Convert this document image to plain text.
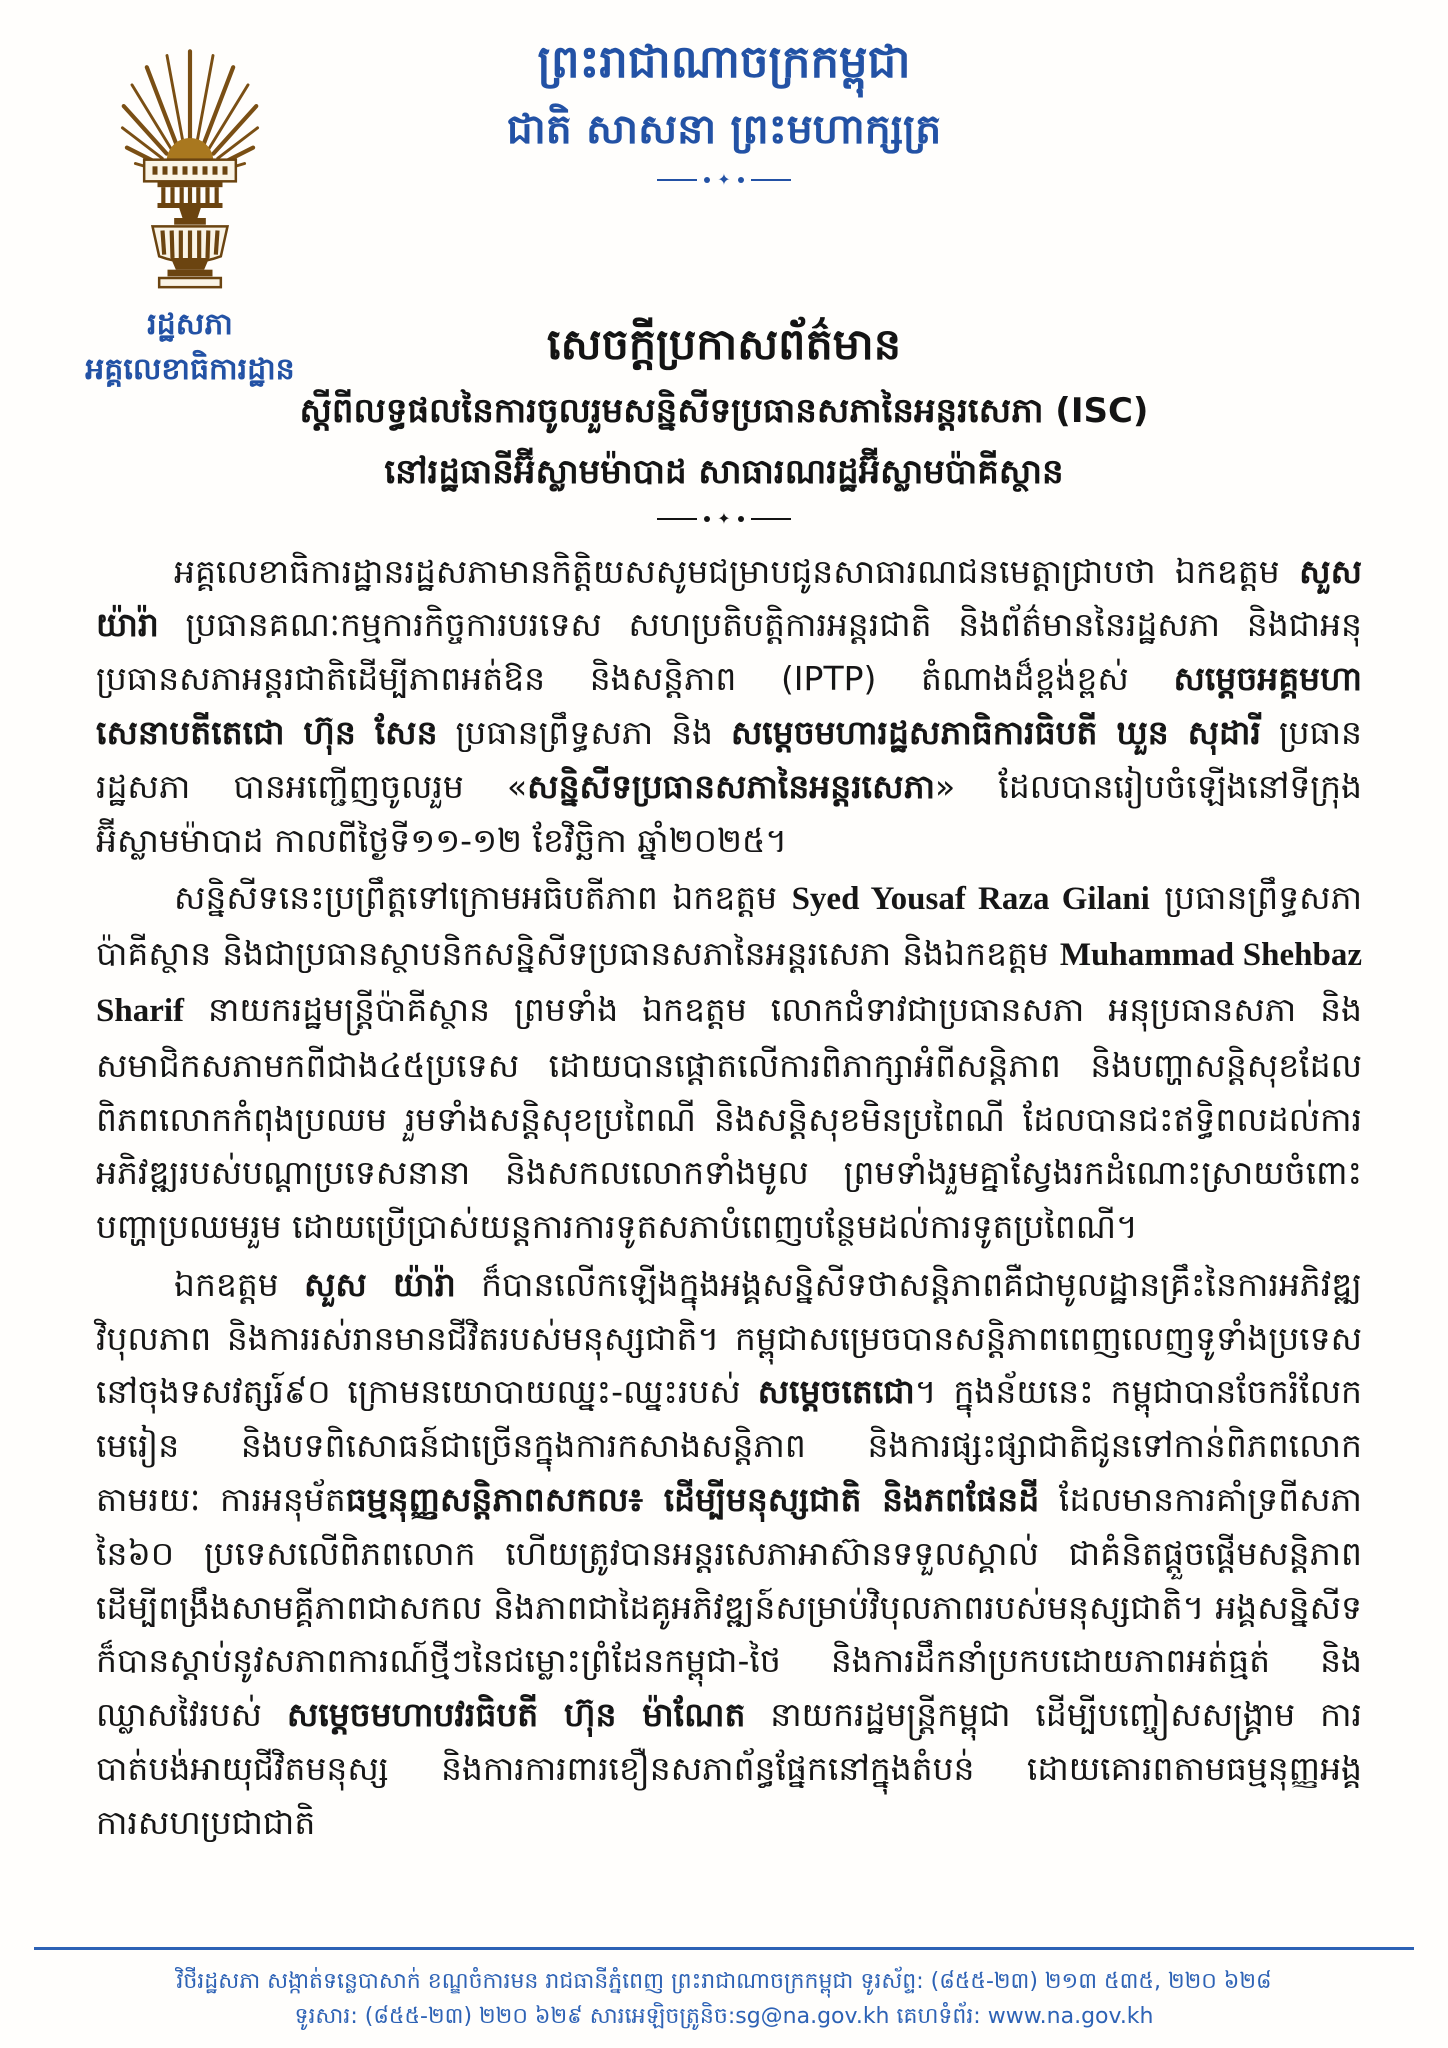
រដ្ឋសភា
អគ្គលេខាធិការដ្ឋាន
ព្រះរាជាណាចក្រកម្ពុជា
ជាតិ សាសនា ព្រះមហាក្សត្រ
✦
សេចក្តីប្រកាសព័ត៌មាន
ស្តីពីលទ្ធផលនៃការចូលរួមសន្និសីទប្រធានសភានៃអន្តរសេភា (ISC)
នៅរដ្ឋធានីអ៊ីស្លាមម៉ាបាដ សាធារណរដ្ឋអ៊ីស្លាមប៉ាគីស្ថាន
✦

អគ្គលេខាធិការដ្ឋានរដ្ឋសភាមានកិត្តិយសសូមជម្រាបជូនសាធារណជនមេត្តាជ្រាបថា ឯកឧត្តម សួស យ៉ារ៉ា ប្រធានគណៈកម្មការកិច្ចការបរទេស សហប្រតិបត្តិការអន្តរជាតិ និងព័ត៌មាននៃរដ្ឋសភា និងជាអនុប្រធានសភាអន្តរជាតិដើម្បីភាពអត់ឱន និងសន្តិភាព (IPTP) តំណាងដ៏ខ្ពង់ខ្ពស់ សម្តេចអគ្គមហាសេនាបតីតេជោ ហ៊ុន សែន ប្រធានព្រឹទ្ធសភា និង សម្តេចមហារដ្ឋសភាធិការធិបតី ឃួន សុដារី ប្រធានរដ្ឋសភា បានអញ្ជើញចូលរួម «សន្និសីទប្រធានសភានៃអន្តរសេភា» ដែលបានរៀបចំឡើងនៅទីក្រុងអ៊ីស្លាមម៉ាបាដ កាលពីថ្ងៃទី១១-១២ ខែវិច្ឆិកា ឆ្នាំ២០២៥។

សន្និសីទនេះប្រព្រឹត្តទៅក្រោមអធិបតីភាព ឯកឧត្តម Syed Yousaf Raza Gilani ប្រធានព្រឹទ្ធសភាប៉ាគីស្ថាន និងជាប្រធានស្ថាបនិកសន្និសីទប្រធានសភានៃអន្តរសេភា និងឯកឧត្តម Muhammad Shehbaz Sharif នាយករដ្ឋមន្ត្រីប៉ាគីស្ថាន ព្រមទាំង ឯកឧត្តម លោកជំទាវជាប្រធានសភា អនុប្រធានសភា និងសមាជិកសភាមកពីជាង៤៥ប្រទេស ដោយបានផ្តោតលើការពិភាក្សាអំពីសន្តិភាព និងបញ្ហាសន្តិសុខដែលពិភពលោកកំពុងប្រឈម រួមទាំងសន្តិសុខប្រពៃណី និងសន្តិសុខមិនប្រពៃណី ដែលបានជះឥទ្ធិពលដល់ការអភិវឌ្ឍរបស់បណ្តាប្រទេសនានា និងសកលលោកទាំងមូល ព្រមទាំងរួមគ្នាស្វែងរកដំណោះស្រាយចំពោះបញ្ហាប្រឈមរួម ដោយប្រើប្រាស់យន្តការការទូតសភាបំពេញបន្ថែមដល់ការទូតប្រពៃណី។

ឯកឧត្តម សួស យ៉ារ៉ា ក៏បានលើកឡើងក្នុងអង្គសន្និសីទថាសន្តិភាពគឺជាមូលដ្ឋានគ្រឹះនៃការអភិវឌ្ឍ វិបុលភាព និងការរស់រានមានជីវិតរបស់មនុស្សជាតិ។ កម្ពុជាសម្រេចបានសន្តិភាពពេញលេញទូទាំងប្រទេស នៅចុងទសវត្សរ៍៩០ ក្រោមនយោបាយឈ្នះ-ឈ្នះរបស់ សម្តេចតេជោ។ ក្នុងន័យនេះ កម្ពុជាបានចែករំលែកមេរៀន និងបទពិសោធន៍ជាច្រើនក្នុងការកសាងសន្តិភាព និងការផ្សះផ្សាជាតិជូនទៅកាន់ពិភពលោកតាមរយៈ ការអនុម័តធម្មនុញ្ញសន្តិភាពសកល៖ ដើម្បីមនុស្សជាតិ និងភពផែនដី ដែលមានការគាំទ្រពីសភានៃ៦០ ប្រទេសលើពិភពលោក ហើយត្រូវបានអន្តរសេភាអាស៊ានទទួលស្គាល់ ជាគំនិតផ្តួចផ្តើមសន្តិភាព ដើម្បីពង្រឹងសាមគ្គីភាពជាសកល និងភាពជាដៃគូអភិវឌ្ឍន៍សម្រាប់វិបុលភាពរបស់មនុស្សជាតិ។ អង្គសន្និសីទ ក៏បានស្តាប់នូវសភាពការណ៍ថ្មីៗនៃជម្លោះព្រំដែនកម្ពុជា-ថៃ និងការដឹកនាំប្រកបដោយភាពអត់ធ្មត់ និងឈ្លាសវៃរបស់ សម្តេចមហាបវរធិបតី ហ៊ុន ម៉ាណែត នាយករដ្ឋមន្ត្រីកម្ពុជា ដើម្បីបញ្ចៀសសង្គ្រាម ការបាត់បង់អាយុជីវិតមនុស្ស និងការការពារខឿនសភាព័ន្ធផ្នែកនៅក្នុងតំបន់ ដោយគោរពតាមធម្មនុញ្ញអង្គការសហប្រជាជាតិ

វិថីរដ្ឋសភា សង្កាត់ទន្លេបាសាក់ ខណ្ឌចំការមន រាជធានីភ្នំពេញ ព្រះរាជាណាចក្រកម្ពុជា ទូរស័ព្ទ: (៨៥៥-២៣) ២១៣ ៥៣៥, ២២០ ៦២៨
ទូរសារ: (៨៥៥-២៣) ២២០ ៦២៩ សារអេឡិចត្រូនិច:sg@na.gov.kh គេហទំព័រ: www.na.gov.kh
